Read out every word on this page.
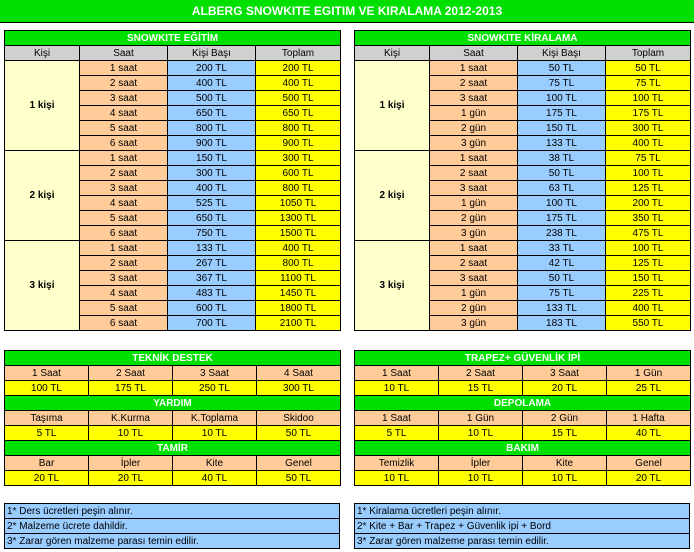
ALBERG SNOWKITE EGITIM VE KIRALAMA 2012-2013
SNOWKITE EĞİTİM			
Kişi	Saat	Kişi Başı	Toplam
1 kişi	1 saat	200 TL	200 TL
	2 saat	400 TL	400 TL
	3 saat	500 TL	500 TL
	4 saat	650 TL	650 TL
	5 saat	800 TL	800 TL
	6 saat	900 TL	900 TL
2 kişi	1 saat	150 TL	300 TL
	2 saat	300 TL	600 TL
	3 saat	400 TL	800 TL
	4 saat	525 TL	1050 TL
	5 saat	650 TL	1300 TL
	6 saat	750 TL	1500 TL
3 kişi	1 saat	133 TL	400 TL
	2 saat	267 TL	800 TL
	3 saat	367 TL	1100 TL
	4 saat	483 TL	1450 TL
	5 saat	600 TL	1800 TL
	6 saat	700 TL	2100 TL
SNOWKITE KİRALAMA			
Kişi	Saat	Kişi Başı	Toplam
1 kişi	1 saat	50 TL	50 TL
	2 saat	75 TL	75 TL
	3 saat	100 TL	100 TL
	1 gün	175 TL	175 TL
	2 gün	150 TL	300 TL
	3 gün	133 TL	400 TL
2 kişi	1 saat	38 TL	75 TL
	2 saat	50 TL	100 TL
	3 saat	63 TL	125 TL
	1 gün	100 TL	200 TL
	2 gün	175 TL	350 TL
	3 gün	238 TL	475 TL
3 kişi	1 saat	33 TL	100 TL
	2 saat	42 TL	125 TL
	3 saat	50 TL	150 TL
	1 gün	75 TL	225 TL
	2 gün	133 TL	400 TL
	3 gün	183 TL	550 TL
TEKNİK DESTEK			
1 Saat	2 Saat	3 Saat	4 Saat
100 TL	175 TL	250 TL	300 TL
YARDIM			
Taşıma	K.Kurma	K.Toplama	Skidoo
5 TL	10 TL	10 TL	50 TL
TAMİR			
Bar	İpler	Kite	Genel
20 TL	20 TL	40 TL	50 TL
TRAPEZ+ GÜVENLİK İPİ			
1 Saat	2 Saat	3 Saat	1 Gün
10 TL	15 TL	20 TL	25 TL
DEPOLAMA			
1 Saat	1 Gün	2 Gün	1 Hafta
5 TL	10 TL	15 TL	40 TL
BAKIM			
Temizlik	İpler	Kite	Genel
10 TL	10 TL	10 TL	20 TL
1* Ders ücretleri peşin alınır.
2* Malzeme ücrete dahildir.
3* Zarar gören malzeme parası temin edilir.
1* Kiralama ücretleri peşin alınır.
2* Kite + Bar + Trapez + Güvenlik ipi + Bord
3* Zarar gören malzeme parası temin edilir.
